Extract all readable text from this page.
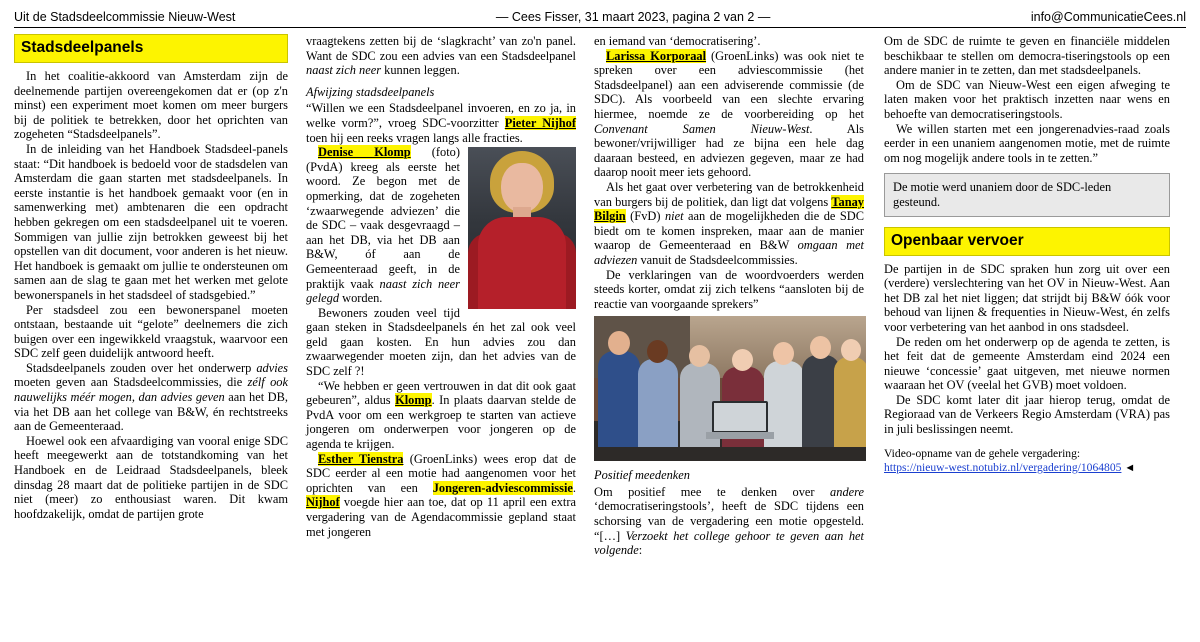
Uit de Stadsdeelcommissie Nieuw-West	— Cees Fisser, 31 maart 2023, pagina 2 van 2 —	info@CommunicatieCees.nl
Stadsdeelpanels

In het coalitie-akkoord van Amsterdam zijn de deelnemende partijen overeengekomen dat er (op z'n minst) een experiment moet komen om meer burgers bij de politiek te betrekken, door het oprichten van zogeheten “Stadsdeelpanels”.

In de inleiding van het Handboek Stadsdeel-panels staat: “Dit handboek is bedoeld voor de stadsdelen van Amsterdam die gaan starten met stadsdeelpanels. In eerste instantie is het handboek gemaakt voor (en in samenwerking met) ambtenaren die een opdracht hebben gekregen om een stadsdeelpanel uit te voeren. Sommigen van jullie zijn betrokken geweest bij het opstellen van dit document, voor anderen is het nieuw. Het handboek is gemaakt om jullie te ondersteunen om samen aan de slag te gaan met het werken met gelote bewonerspanels in het stadsdeel of stadsgebied.”

Per stadsdeel zou een bewonerspanel moeten ontstaan, bestaande uit “gelote” deelnemers die zich buigen over een ingewikkeld vraagstuk, waarvoor een SDC zelf geen duidelijk antwoord heeft.

Stadsdeelpanels zouden over het onderwerp advies moeten geven aan Stadsdeelcommissies, die zélf ook nauwelijks méér mogen, dan advies geven aan het DB, via het DB aan het college van B&W, én rechtstreeks aan de Gemeenteraad.

Hoewel ook een afvaardiging van vooral enige SDC heeft meegewerkt aan de totstandkoming van het Handboek en de Leidraad Stadsdeelpanels, bleek dinsdag 28 maart dat de politieke partijen in de SDC niet (meer) zo enthousiast waren. Dit kwam hoofdzakelijk, omdat de partijen grote

vraagtekens zetten bij de ‘slagkracht’ van zo'n panel. Want de SDC zou een advies van een Stadsdeelpanel naast zich neer kunnen leggen.

Afwijzing stadsdeelpanels

“Willen we een Stadsdeelpanel invoeren, en zo ja, in welke vorm?”, vroeg SDC-voorzitter Pieter Nijhof toen hij een reeks vragen langs alle fracties.

Denise Klomp (foto) (PvdA) kreeg als eerste het woord. Ze begon met de opmerking, dat de zogeheten ‘zwaarwegende adviezen’ die de SDC – vaak desgevraagd – aan het DB, via het DB aan B&W, óf aan de Gemeenteraad geeft, in de praktijk vaak naast zich neer gelegd worden.

Bewoners zouden veel tijd gaan steken in Stadsdeelpanels én het zal ook veel geld gaan kosten. En hun advies zou dan zwaarwegender moeten zijn, dan het advies van de SDC zelf ?!

“We hebben er geen vertrouwen in dat dit ook gaat gebeuren”, aldus Klomp. In plaats daarvan stelde de PvdA voor om een werkgroep te starten van actieve jongeren om onderwerpen voor jongeren op de agenda te krijgen.

Esther Tienstra (GroenLinks) wees erop dat de SDC eerder al een motie had aangenomen voor het oprichten van een Jongeren-adviescommissie. Nijhof voegde hier aan toe, dat op 11 april een extra vergadering van de Agendacommissie gepland staat met jongeren

en iemand van ‘democratisering’.

Larissa Korporaal (GroenLinks) was ook niet te spreken over een adviescommissie (het Stadsdeelpanel) aan een adviserende commissie (de SDC). Als voorbeeld van een slechte ervaring hiermee, noemde ze de voorbereiding op het Convenant Samen Nieuw-West. Als bewoner/vrijwilliger had ze bijna een hele dag daaraan besteed, en adviezen gegeven, maar ze had daarop nooit meer iets gehoord.

Als het gaat over verbetering van de betrokkenheid van burgers bij de politiek, dan ligt dat volgens Tanay Bilgin (FvD) niet aan de mogelijkheden die de SDC biedt om te komen inspreken, maar aan de manier waarop de Gemeenteraad en B&W omgaan met adviezen vanuit de Stadsdeelcommissies.

De verklaringen van de woordvoerders werden steeds korter, omdat zij zich telkens “aansloten bij de reactie van voorgaande sprekers”

Positief meedenken

Om positief mee te denken over andere ‘democratiseringstools’, heeft de SDC tijdens een schorsing van de vergadering een motie opgesteld. “[…] Verzoekt het college gehoor te geven aan het volgende:

Om de SDC de ruimte te geven en financiële middelen beschikbaar te stellen om democra-tiseringstools op een andere manier in te zetten, dan met stadsdeelpanels.

Om de SDC van Nieuw-West een eigen afweging te laten maken voor het praktisch inzetten naar wens en behoefte van democratiseringstools.

We willen starten met een jongerenadvies-raad zoals eerder in een unaniem aangenomen motie, met de ruimte om nog mogelijk andere tools in te zetten.”

De motie werd unaniem door de SDC-leden gesteund.
Openbaar vervoer

De partijen in de SDC spraken hun zorg uit over een (verdere) verslechtering van het OV in Nieuw-West. Aan het DB zal het niet liggen; dat strijdt bij B&W óók voor behoud van lijnen & frequenties in Nieuw-West, én zelfs voor verbetering van het aanbod in ons stadsdeel.

De reden om het onderwerp op de agenda te zetten, is het feit dat de gemeente Amsterdam eind 2024 een nieuwe ‘concessie’ gaat uitgeven, met nieuwe normen waaraan het OV (veelal het GVB) moet voldoen.

De SDC komt later dit jaar hierop terug, omdat de Regioraad van de Verkeers Regio Amsterdam (VRA) pas in juli beslissingen neemt.

Video-opname van de gehele vergadering:
https://nieuw-west.notubiz.nl/vergadering/1064805 ◄
